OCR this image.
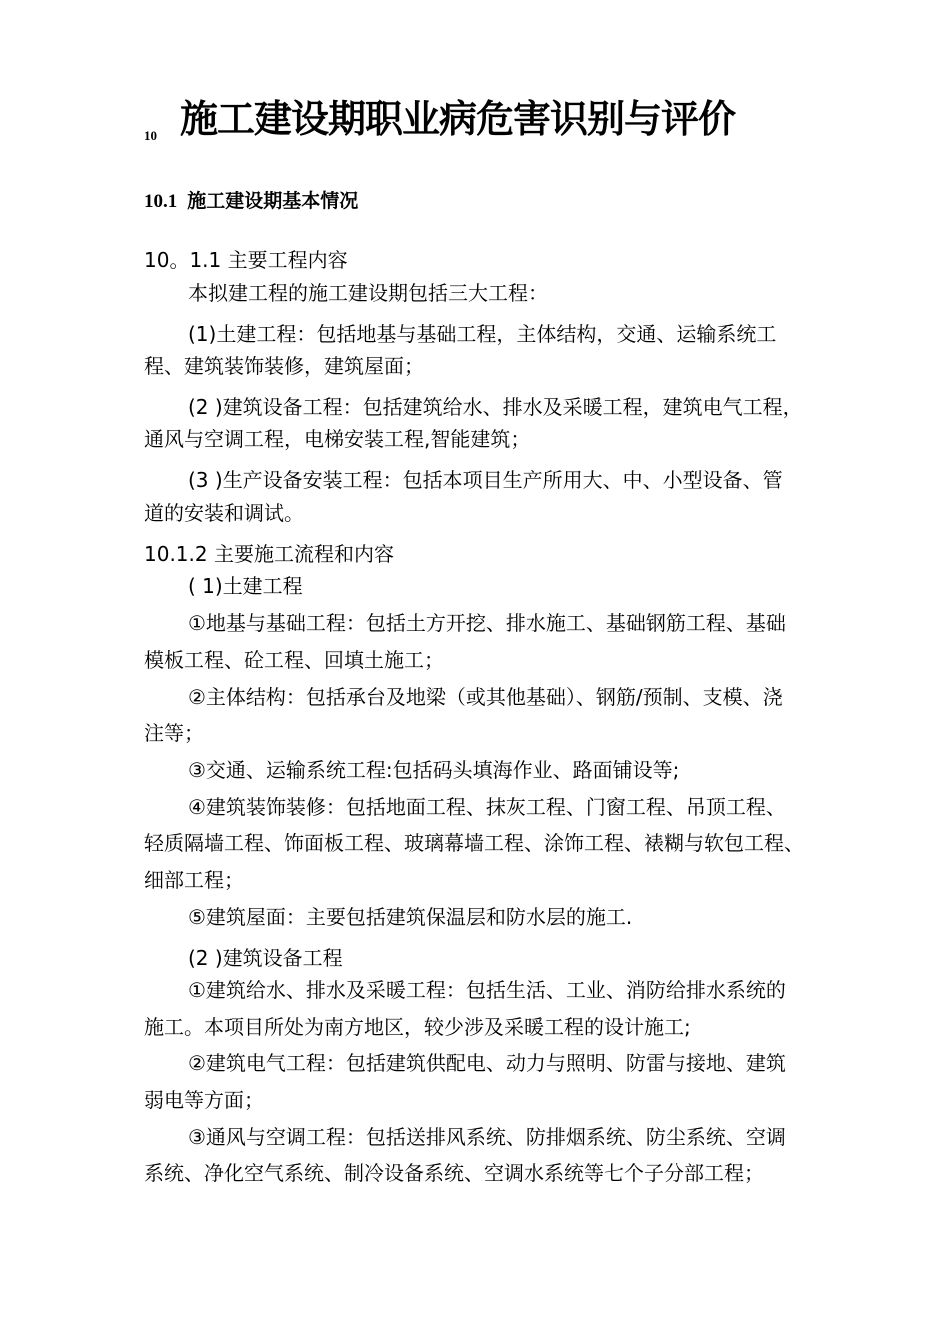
10 施工建设期职业病危害识别与评价
10.1 施工建设期基本情况
10。1.1 主要工程内容
本拟建工程的施工建设期包括三大工程：
(1)土建工程：包括地基与基础工程，主体结构，交通、运输系统工
程、建筑装饰装修，建筑屋面；
(2 )建筑设备工程：包括建筑给水、排水及采暖工程，建筑电气工程，
通风与空调工程，电梯安装工程,智能建筑；
(3 )生产设备安装工程：包括本项目生产所用大、中、小型设备、管
道的安装和调试。
10.1.2 主要施工流程和内容
( 1)土建工程
①地基与基础工程：包括土方开挖、排水施工、基础钢筋工程、基础
模板工程、砼工程、回填土施工；
②主体结构：包括承台及地梁（或其他基础）、钢筋/预制、支模、浇
注等；
③交通、运输系统工程:包括码头填海作业、路面铺设等;
④建筑装饰装修：包括地面工程、抹灰工程、门窗工程、吊顶工程、
轻质隔墙工程、饰面板工程、玻璃幕墙工程、涂饰工程、裱糊与软包工程、
细部工程；
⑤建筑屋面：主要包括建筑保温层和防水层的施工.
(2 )建筑设备工程
①建筑给水、排水及采暖工程：包括生活、工业、消防给排水系统的
施工。本项目所处为南方地区，较少涉及采暖工程的设计施工;
②建筑电气工程：包括建筑供配电、动力与照明、防雷与接地、建筑
弱电等方面；
③通风与空调工程：包括送排风系统、防排烟系统、防尘系统、空调
系统、净化空气系统、制冷设备系统、空调水系统等七个子分部工程；
